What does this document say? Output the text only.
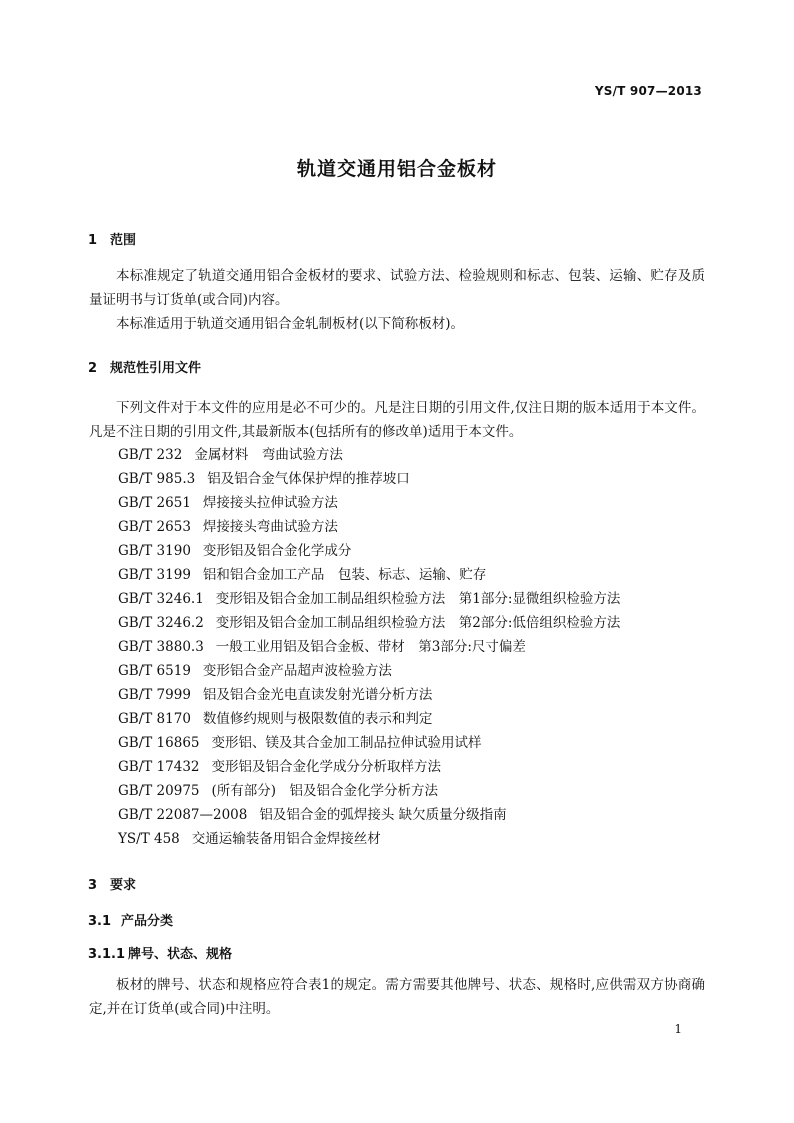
YS/T 907—2013
轨道交通用铝合金板材
1 范围
本标准规定了轨道交通用铝合金板材的要求、试验方法、检验规则和标志、包装、运输、贮存及质量证明书与订货单(或合同)内容。
本标准适用于轨道交通用铝合金轧制板材(以下简称板材)。
2 规范性引用文件
下列文件对于本文件的应用是必不可少的。凡是注日期的引用文件,仅注日期的版本适用于本文件。凡是不注日期的引用文件,其最新版本(包括所有的修改单)适用于本文件。
GB/T 232 金属材料　弯曲试验方法
GB/T 985.3 铝及铝合金气体保护焊的推荐坡口
GB/T 2651 焊接接头拉伸试验方法
GB/T 2653 焊接接头弯曲试验方法
GB/T 3190 变形铝及铝合金化学成分
GB/T 3199 铝和铝合金加工产品　包装、标志、运输、贮存
GB/T 3246.1 变形铝及铝合金加工制品组织检验方法　第1部分:显微组织检验方法
GB/T 3246.2 变形铝及铝合金加工制品组织检验方法　第2部分:低倍组织检验方法
GB/T 3880.3 一般工业用铝及铝合金板、带材　第3部分:尺寸偏差
GB/T 6519 变形铝合金产品超声波检验方法
GB/T 7999 铝及铝合金光电直读发射光谱分析方法
GB/T 8170 数值修约规则与极限数值的表示和判定
GB/T 16865 变形铝、镁及其合金加工制品拉伸试验用试样
GB/T 17432 变形铝及铝合金化学成分分析取样方法
GB/T 20975 (所有部分)　铝及铝合金化学分析方法
GB/T 22087—2008 铝及铝合金的弧焊接头 缺欠质量分级指南
YS/T 458 交通运输装备用铝合金焊接丝材
3 要求
3.1 产品分类
3.1.1 牌号、状态、规格
板材的牌号、状态和规格应符合表1的规定。需方需要其他牌号、状态、规格时,应供需双方协商确定,并在订货单(或合同)中注明。
1
